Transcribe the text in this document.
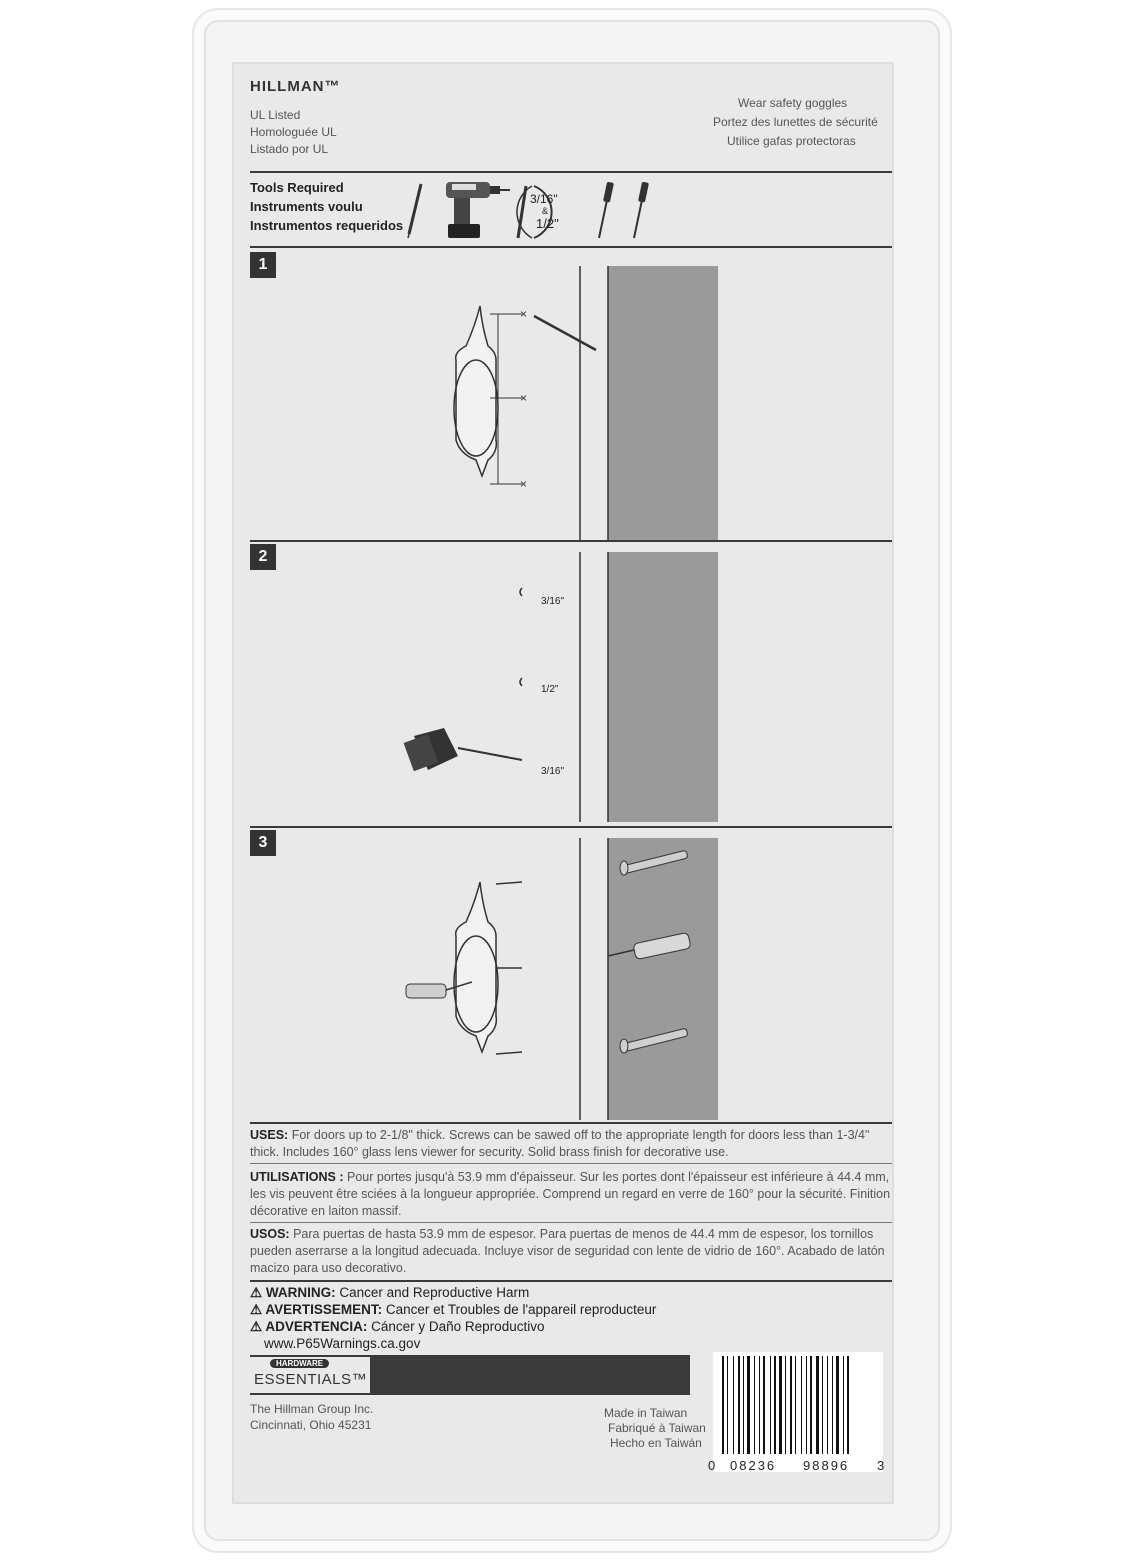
HILLMAN™
UL Listed
Homologuée UL
Listado por UL
Wear safety goggles
Portez des lunettes de sécurité
Utilice gafas protectoras
Tools Required
Instruments voulu
Instrumentos requeridos
3/16"
&
1/2"
1
×
×
×
2
3/16"
1/2"
3/16"
3
USES: For doors up to 2-1/8" thick. Screws can be sawed off to the appropriate length for doors less than 1-3/4"
thick. Includes 160° glass lens viewer for security. Solid brass finish for decorative use.
UTILISATIONS : Pour portes jusqu'à 53.9 mm d'épaisseur. Sur les portes dont l'épaisseur est inférieure à 44.4 mm,
les vis peuvent être sciées à la longueur appropriée. Comprend un regard en verre de 160° pour la sécurité. Finition
décorative en laiton massif.
USOS: Para puertas de hasta 53.9 mm de espesor. Para puertas de menos de 44.4 mm de espesor, los tornillos
pueden aserrarse a la longitud adecuada. Incluye visor de seguridad con lente de vidrio de 160°. Acabado de latón
macizo para uso decorativo.
⚠ WARNING: Cancer and Reproductive Harm
⚠ AVERTISSEMENT: Cancer et Troubles de l'appareil reproducteur
⚠ ADVERTENCIA: Cáncer y Daño Reproductivo
www.P65Warnings.ca.gov
HARDWARE
ESSENTIALS™
The Hillman Group Inc.
Cincinnati, Ohio 45231
Made in Taiwan
Fabriqué à Taiwan
Hecho en Taiwán
0 08236 98896 3
